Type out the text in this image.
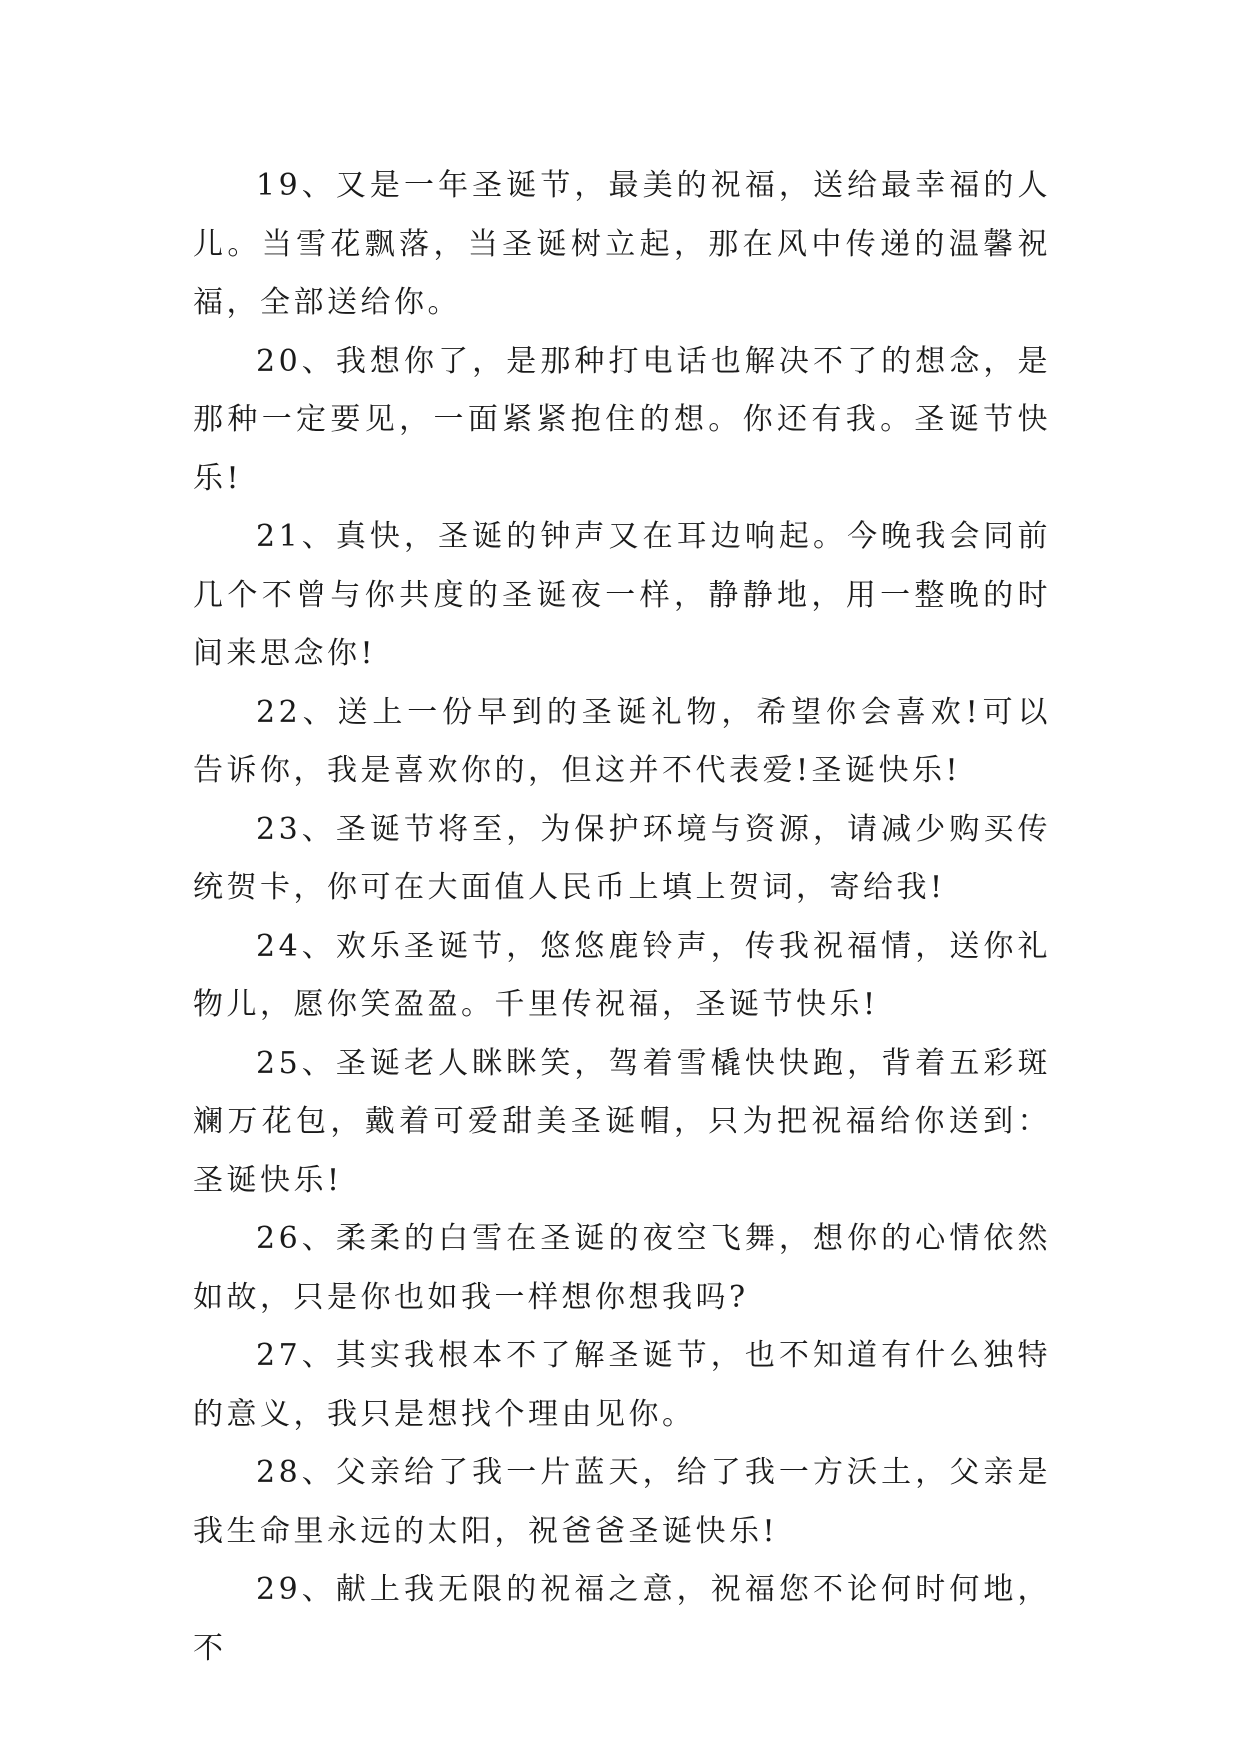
19、又是一年圣诞节，最美的祝福，送给最幸福的人儿。当雪花飘落，当圣诞树立起，那在风中传递的温馨祝福，全部送给你。

20、我想你了，是那种打电话也解决不了的想念，是那种一定要见，一面紧紧抱住的想。你还有我。圣诞节快乐!

21、真快，圣诞的钟声又在耳边响起。今晚我会同前几个不曾与你共度的圣诞夜一样，静静地，用一整晚的时间来思念你!

22、送上一份早到的圣诞礼物，希望你会喜欢!可以告诉你，我是喜欢你的，但这并不代表爱!圣诞快乐!

23、圣诞节将至，为保护环境与资源，请减少购买传统贺卡，你可在大面值人民币上填上贺词，寄给我!

24、欢乐圣诞节，悠悠鹿铃声，传我祝福情，送你礼物儿，愿你笑盈盈。千里传祝福，圣诞节快乐!

25、圣诞老人眯眯笑，驾着雪橇快快跑，背着五彩斑斓万花包，戴着可爱甜美圣诞帽，只为把祝福给你送到：圣诞快乐!

26、柔柔的白雪在圣诞的夜空飞舞，想你的心情依然如故，只是你也如我一样想你想我吗?

27、其实我根本不了解圣诞节，也不知道有什么独特的意义，我只是想找个理由见你。

28、父亲给了我一片蓝天，给了我一方沃土，父亲是我生命里永远的太阳，祝爸爸圣诞快乐!

29、献上我无限的祝福之意，祝福您不论何时何地，不
